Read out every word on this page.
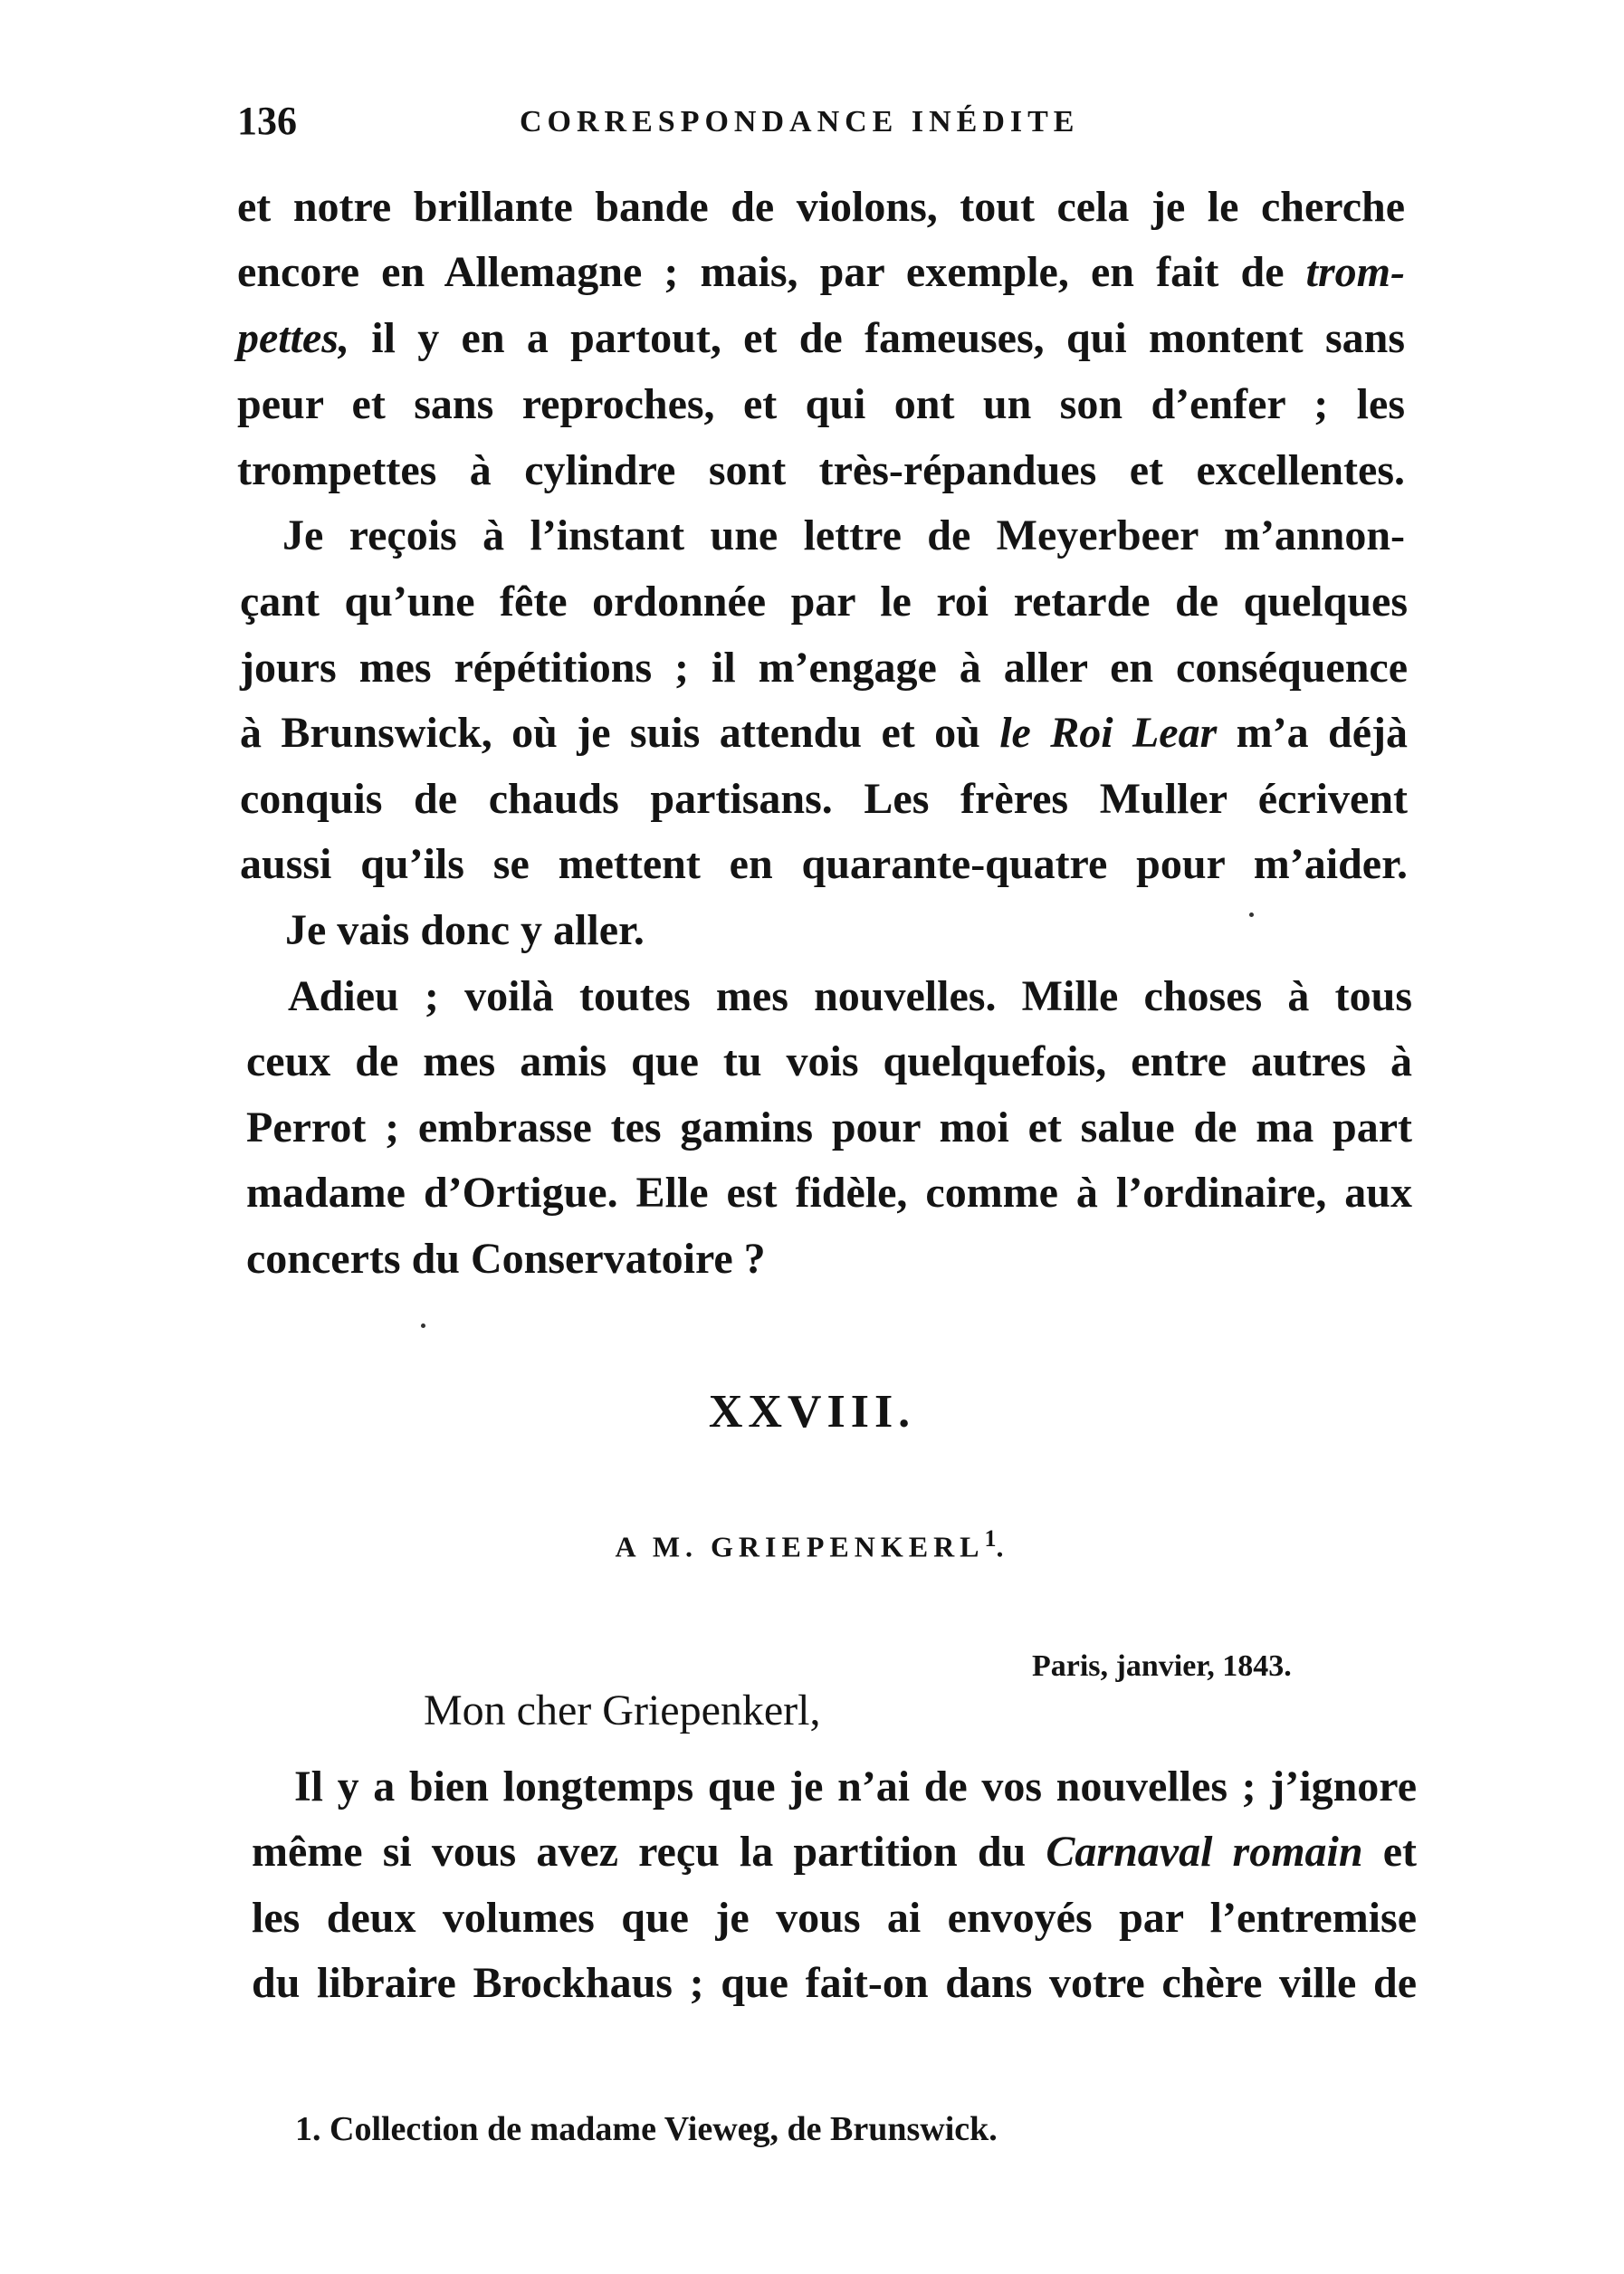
136	CORRESPONDANCE INÉDITE
et notre brillante bande de violons, tout cela je le cherche
encore en Allemagne ; mais, par exemple, en fait de trom-
pettes, il y en a partout, et de fameuses, qui montent sans
peur et sans reproches, et qui ont un son d’enfer ; les
trompettes à cylindre sont très-répandues et excellentes.
Je reçois à l’instant une lettre de Meyerbeer m’annon-
çant qu’une fête ordonnée par le roi retarde de quelques
jours mes répétitions ; il m’engage à aller en conséquence
à Brunswick, où je suis attendu et où le Roi Lear m’a déjà
conquis de chauds partisans. Les frères Muller écrivent
aussi qu’ils se mettent en quarante-quatre pour m’aider.
Je vais donc y aller.
Adieu ; voilà toutes mes nouvelles. Mille choses à tous
ceux de mes amis que tu vois quelquefois, entre autres à
Perrot ; embrasse tes gamins pour moi et salue de ma part
madame d’Ortigue. Elle est fidèle, comme à l’ordinaire, aux
concerts du Conservatoire ?
XXVIII.
A M. GRIEPENKERL$^1$.
Paris, janvier, 1843.
Mon cher Griepenkerl,
Il y a bien longtemps que je n’ai de vos nouvelles ; j’ignore
même si vous avez reçu la partition du Carnaval romain et
les deux volumes que je vous ai envoyés par l’entremise
du libraire Brockhaus ; que fait-on dans votre chère ville de
1. Collection de madame Vieweg, de Brunswick.
